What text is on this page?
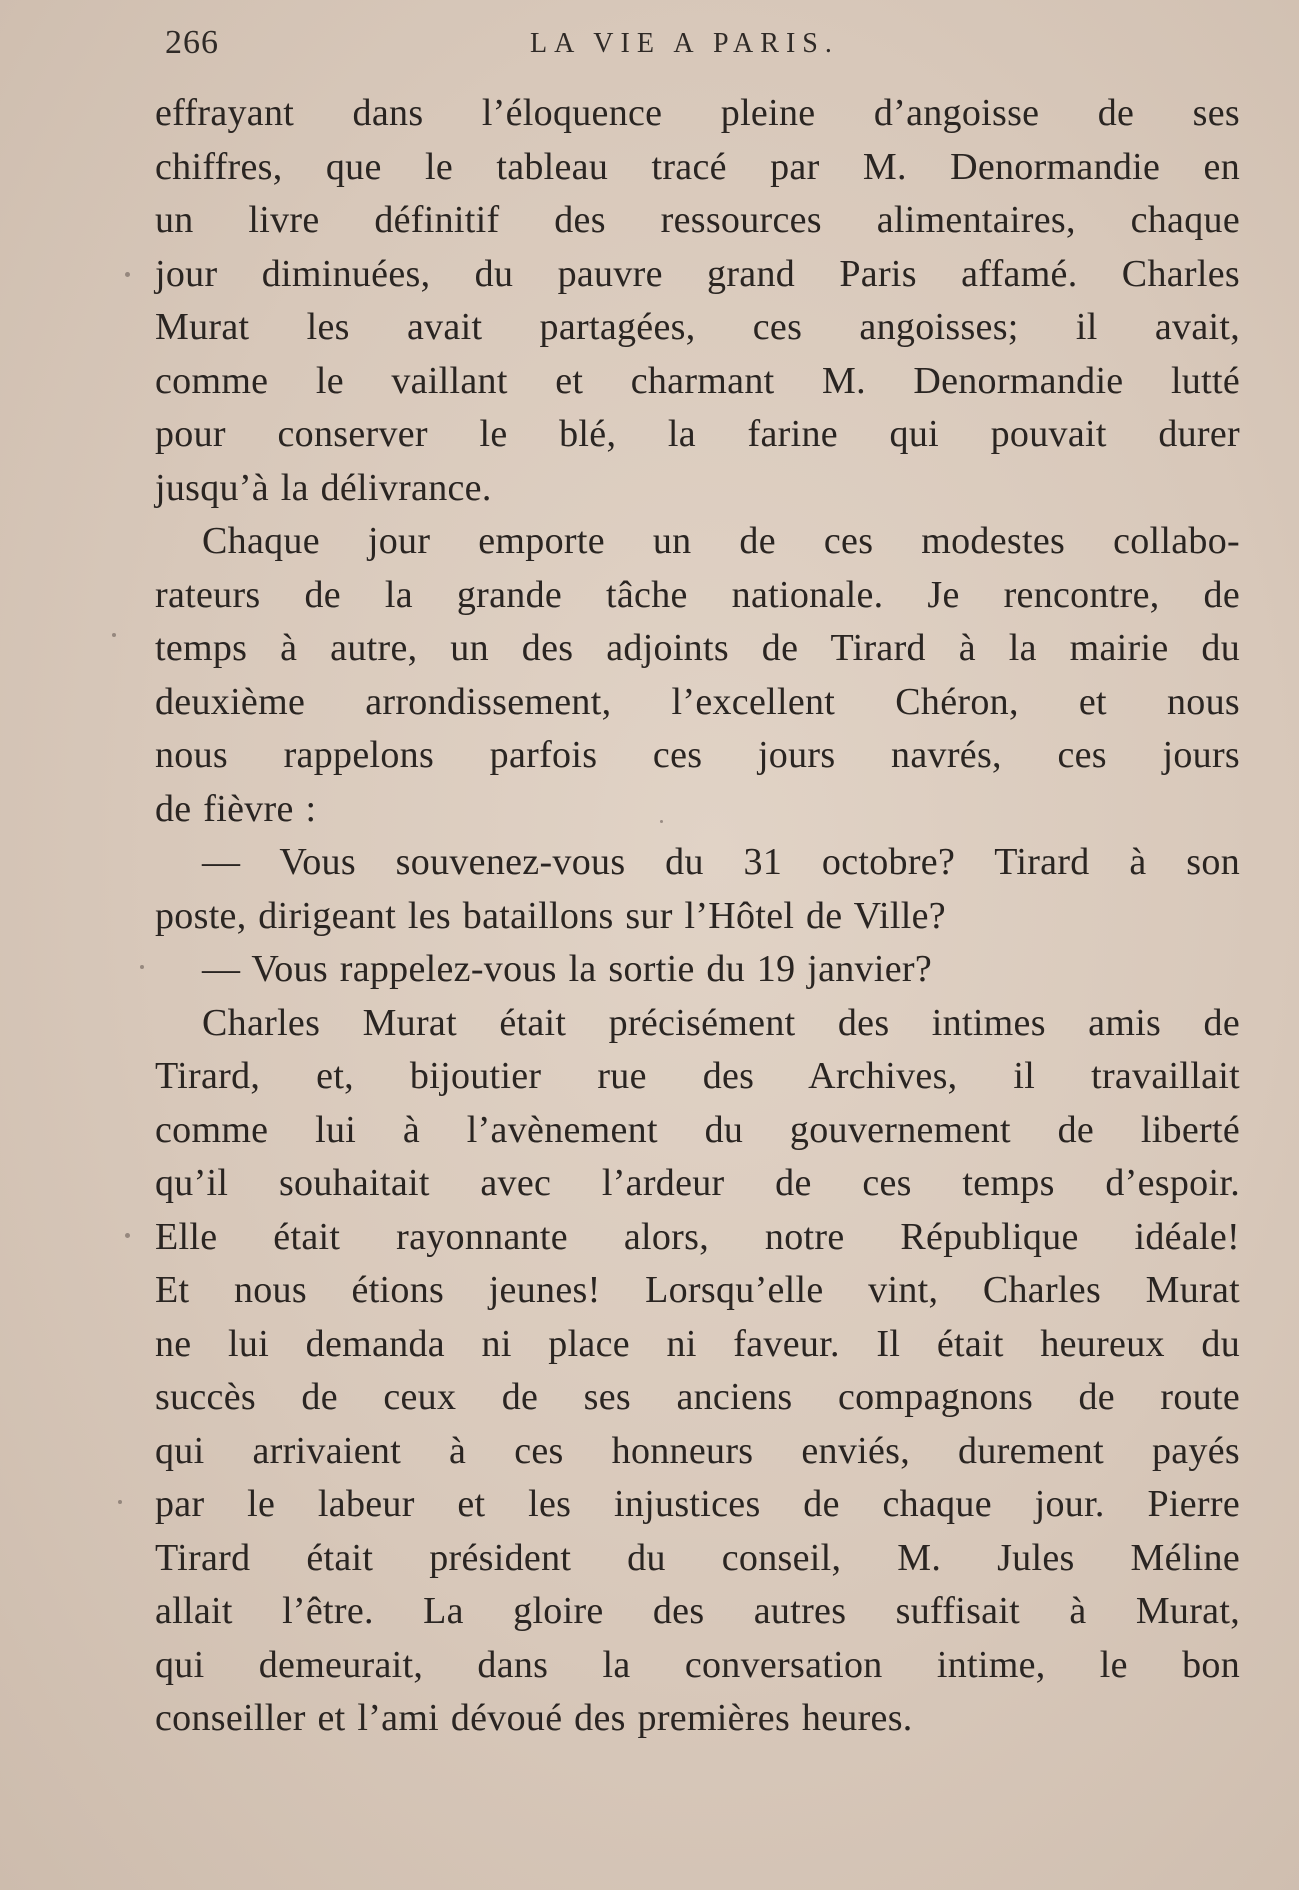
266	LA VIE A PARIS.
effrayant dans l’éloquence pleine d’angoisse de ses
chiffres, que le tableau tracé par M. Denormandie en
un livre définitif des ressources alimentaires, chaque
jour diminuées, du pauvre grand Paris affamé. Charles
Murat les avait partagées, ces angoisses; il avait,
comme le vaillant et charmant M. Denormandie lutté
pour conserver le blé, la farine qui pouvait durer
jusqu’à la délivrance.
Chaque jour emporte un de ces modestes collabo-
rateurs de la grande tâche nationale. Je rencontre, de
temps à autre, un des adjoints de Tirard à la mairie du
deuxième arrondissement, l’excellent Chéron, et nous
nous rappelons parfois ces jours navrés, ces jours
de fièvre :
— Vous souvenez-vous du 31 octobre? Tirard à son
poste, dirigeant les bataillons sur l’Hôtel de Ville?
— Vous rappelez-vous la sortie du 19 janvier?
Charles Murat était précisément des intimes amis de
Tirard, et, bijoutier rue des Archives, il travaillait
comme lui à l’avènement du gouvernement de liberté
qu’il souhaitait avec l’ardeur de ces temps d’espoir.
Elle était rayonnante alors, notre République idéale!
Et nous étions jeunes! Lorsqu’elle vint, Charles Murat
ne lui demanda ni place ni faveur. Il était heureux du
succès de ceux de ses anciens compagnons de route
qui arrivaient à ces honneurs enviés, durement payés
par le labeur et les injustices de chaque jour. Pierre
Tirard était président du conseil, M. Jules Méline
allait l’être. La gloire des autres suffisait à Murat,
qui demeurait, dans la conversation intime, le bon
conseiller et l’ami dévoué des premières heures.
